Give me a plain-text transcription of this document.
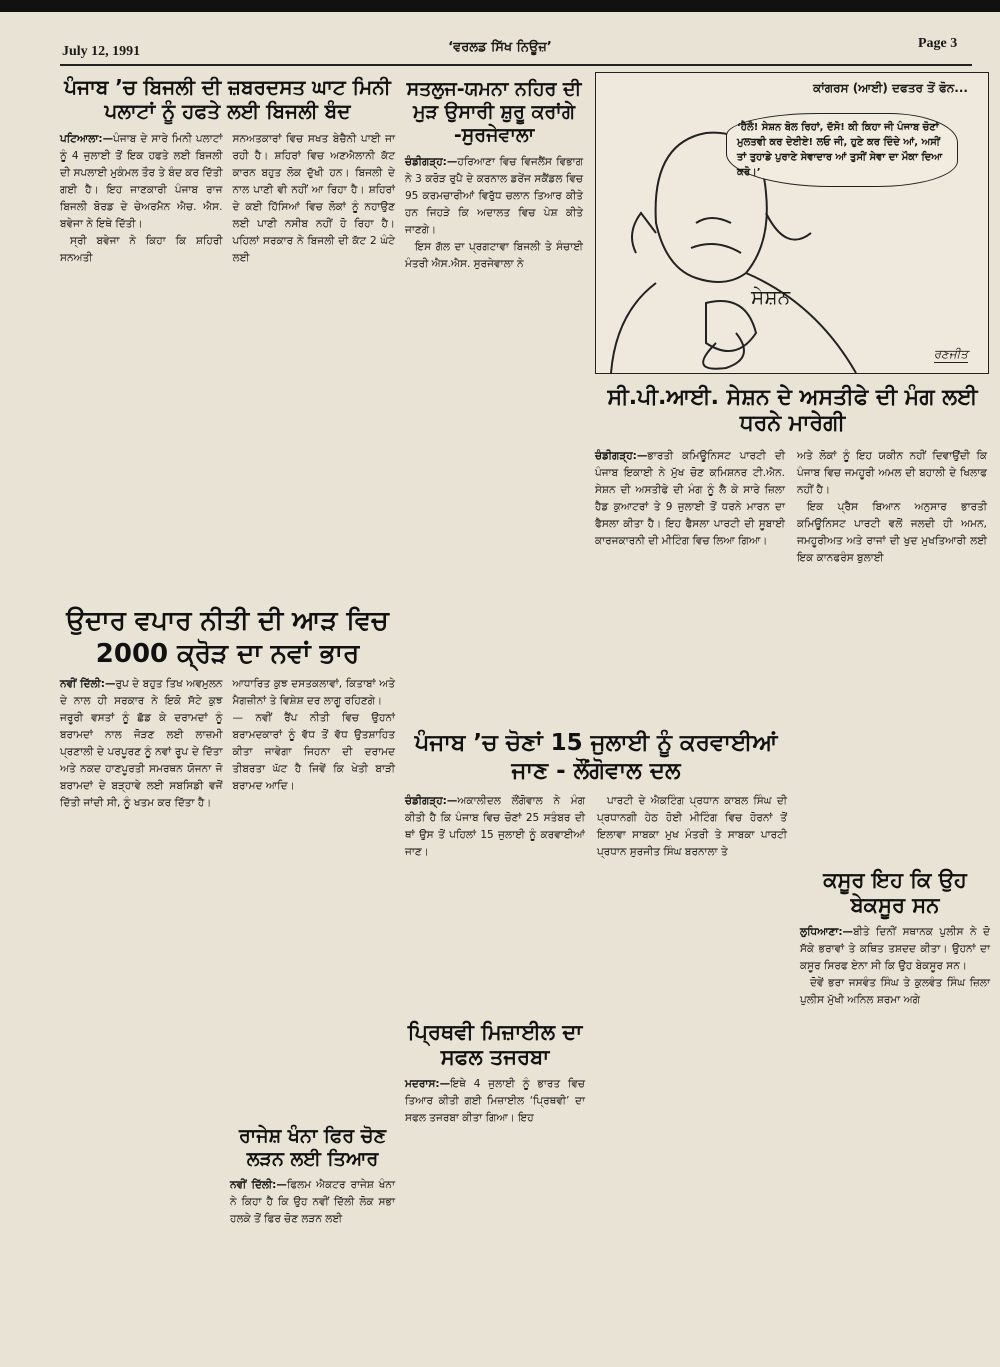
July 12, 1991	‘ਵਰਲਡ ਸਿੱਖ ਨਿਊਜ਼’	Page 3
ਪੰਜਾਬ ’ਚ ਬਿਜਲੀ ਦੀ ਜ਼ਬਰਦਸਤ ਘਾਟ ਮਿਨੀ ਪਲਾਟਾਂ ਨੂੰ ਹਫਤੇ ਲਈ ਬਿਜਲੀ ਬੰਦ

ਪਟਿਆਲਾ:—ਪੰਜਾਬ ਦੇ ਸਾਰੇ ਮਿਨੀ ਪਲਾਟਾਂ ਨੂੰ 4 ਜੁਲਾਈ ਤੋਂ ਇਕ ਹਫਤੇ ਲਈ ਬਿਜਲੀ ਦੀ ਸਪਲਾਈ ਮੁਕੰਮਲ ਤੌਰ ਤੇ ਬੰਦ ਕਰ ਦਿੱਤੀ ਗਈ ਹੈ। ਇਹ ਜਾਣਕਾਰੀ ਪੰਜਾਬ ਰਾਜ ਬਿਜਲੀ ਬੋਰਡ ਦੇ ਚੇਅਰਮੈਨ ਐਚ. ਐਸ. ਬਵੇਜਾ ਨੇ ਇਥੇ ਦਿੱਤੀ।

ਸ੍ਰੀ ਬਵੇਜਾ ਨੇ ਕਿਹਾ ਕਿ ਸ਼ਹਿਰੀ ਸਨਅਤੀ

ਸਨਅਤਕਾਰਾਂ ਵਿਚ ਸਖਤ ਬੇਚੈਨੀ ਪਾਈ ਜਾ ਰਹੀ ਹੈ। ਸ਼ਹਿਰਾਂ ਵਿਚ ਅਣਐਲਾਨੀ ਕੱਟ ਕਾਰਨ ਬਹੁਤ ਲੋਕ ਦੁੱਖੀ ਹਨ। ਬਿਜਲੀ ਦੇ ਨਾਲ ਪਾਣੀ ਵੀ ਨਹੀਂ ਆ ਰਿਹਾ ਹੈ। ਸ਼ਹਿਰਾਂ ਦੇ ਕਈ ਹਿੱਸਿਆਂ ਵਿਚ ਲੋਕਾਂ ਨੂੰ ਨਹਾਉਣ ਲਈ ਪਾਣੀ ਨਸੀਬ ਨਹੀਂ ਹੋ ਰਿਹਾ ਹੈ। ਪਹਿਲਾਂ ਸਰਕਾਰ ਨੇ ਬਿਜਲੀ ਦੀ ਕੱਟ 2 ਘੰਟੇ ਲਈ

ਸਤਲੁਜ-ਯਮਨਾ ਨਹਿਰ ਦੀ ਮੁੜ ਉਸਾਰੀ ਸ਼ੁਰੂ ਕਰਾਂਗੇ -ਸੁਰਜੇਵਾਲਾ

ਚੰਡੀਗੜ੍ਹ:—ਹਰਿਆਣਾ ਵਿਚ ਵਿਜਲੈਂਸ ਵਿਭਾਗ ਨੇ 3 ਕਰੋੜ ਰੁਪੈ ਦੇ ਕਰਨਾਲ ਡਰੇਂਜ ਸਕੈਂਡਲ ਵਿਚ 95 ਕਰਮਚਾਰੀਆਂ ਵਿਰੁੱਧ ਚਲਾਨ ਤਿਆਰ ਕੀਤੇ ਹਨ ਜਿਹੜੇ ਕਿ ਅਦਾਲਤ ਵਿਚ ਪੇਸ਼ ਕੀਤੇ ਜਾਣਗੇ।

ਇਸ ਗੱਲ ਦਾ ਪ੍ਰਗਟਾਵਾ ਬਿਜਲੀ ਤੇ ਸੰਚਾਈ ਮੰਤਰੀ ਐਸ.ਐਸ. ਸੁਰਜੇਵਾਲਾ ਨੇ

ਕਾਂਗਰਸ (ਆਈ) ਦਫਤਰ ਤੋਂ ਫੋਨ...
‘ਹੈਲੋ! ਸੇਸ਼ਨ ਬੋਲ ਰਿਹਾਂ, ਦੱਸੋ! ਕੀ ਕਿਹਾ ਜੀ ਪੰਜਾਬ ਚੋਣਾਂ ਮੁਲਤਵੀ ਕਰ ਦੇਈਏ! ਲਓ ਜੀ, ਹੁਣੇ ਕਰ ਦਿੰਦੇ ਆਂ, ਅਸੀਂ ਤਾਂ ਤੁਹਾਡੇ ਪੁਰਾਣੇ ਸੇਵਾਦਾਰ ਆਂ ਤੁਸੀਂ ਸੇਵਾ ਦਾ ਮੌਕਾ ਦਿਆ ਕਰੋ।’
ਸੇਸ਼ਨ
ਰਣਜੀਤ
ਸੀ.ਪੀ.ਆਈ. ਸੇਸ਼ਨ ਦੇ ਅਸਤੀਫੇ ਦੀ ਮੰਗ ਲਈ ਧਰਨੇ ਮਾਰੇਗੀ

ਚੰਡੀਗੜ੍ਹ:—ਭਾਰਤੀ ਕਮਿਊਨਿਸਟ ਪਾਰਟੀ ਦੀ ਪੰਜਾਬ ਇਕਾਈ ਨੇ ਮੁੱਖ ਚੋਣ ਕਮਿਸ਼ਨਰ ਟੀ.ਐਨ. ਸੇਸ਼ਨ ਦੀ ਅਸਤੀਫੇ ਦੀ ਮੰਗ ਨੂੰ ਲੈ ਕੇ ਸਾਰੇ ਜ਼ਿਲਾ ਹੈਡ ਕੁਆਟਰਾਂ ਤੇ 9 ਜੁਲਾਈ ਤੋਂ ਧਰਨੇ ਮਾਰਨ ਦਾ ਫੈਸਲਾ ਕੀਤਾ ਹੈ। ਇਹ ਫੈਸਲਾ ਪਾਰਟੀ ਦੀ ਸੂਬਾਈ ਕਾਰਜਕਾਰਨੀ ਦੀ ਮੀਟਿੰਗ ਵਿਚ ਲਿਆ ਗਿਆ।

ਅਤੇ ਲੋਕਾਂ ਨੂੰ ਇਹ ਯਕੀਨ ਨਹੀਂ ਦਿਵਾਉਂਦੀ ਕਿ ਪੰਜਾਬ ਵਿਚ ਜਮਹੂਰੀ ਅਮਲ ਦੀ ਬਹਾਲੀ ਦੇ ਖਿਲਾਫ ਨਹੀਂ ਹੈ।

ਇਕ ਪ੍ਰੈਸ ਬਿਆਨ ਅਨੁਸਾਰ ਭਾਰਤੀ ਕਮਿਊਨਿਸਟ ਪਾਰਟੀ ਵਲੋਂ ਜਲਦੀ ਹੀ ਅਮਨ, ਜਮਹੂਰੀਅਤ ਅਤੇ ਰਾਜਾਂ ਦੀ ਖੁਦ ਮੁਖਤਿਆਰੀ ਲਈ ਇਕ ਕਾਨਫਰੰਸ ਬੁਲਾਈ

ਉਦਾਰ ਵਪਾਰ ਨੀਤੀ ਦੀ ਆੜ ਵਿਚ 2000 ਕ੍ਰੋੜ ਦਾ ਨਵਾਂ ਭਾਰ

ਨਵੀਂ ਦਿੱਲੀ:—ਰੁਪ ਦੇ ਬਹੁਤ ਤਿਖ ਅਵਮੁਲਨ ਦੇ ਨਾਲ ਹੀ ਸਰਕਾਰ ਨੇ ਇਕੋ ਸੱਟੇ ਕੁਝ ਜਰੂਰੀ ਵਸਤਾਂ ਨੂੰ ਛੱਡ ਕੇ ਦਰਾਮਦਾਂ ਨੂੰ ਬਰਾਮਦਾਂ ਨਾਲ ਜੋੜਣ ਲਈ ਲਾਜ਼ਮੀ ਪ੍ਰਣਾਲੀ ਦੇ ਪਰਪੂਰਣ ਨੂੰ ਨਵਾਂ ਰੂਪ ਦੇ ਦਿੱਤਾ ਅਤੇ ਨਕਦ ਹਾਣਪੂਰਤੀ ਸਮਰਥਨ ਯੋਜਨਾ ਜੋ ਬਰਾਮਦਾਂ ਦੇ ਬੜ੍ਹਾਵੇ ਲਈ ਸਬਸਿਡੀ ਵਜੋਂ ਦਿੱਤੀ ਜਾਂਦੀ ਸੀ, ਨੂੰ ਖਤਮ ਕਰ ਦਿੱਤਾ ਹੈ।

ਆਧਾਰਿਤ ਕੁਝ ਦਸਤਕਲਾਵਾਂ, ਕਿਤਾਬਾਂ ਅਤੇ ਮੈਗਜ਼ੀਨਾਂ ਤੇ ਵਿਸ਼ੇਸ਼ ਦਰ ਲਾਗੂ ਰਹਿਣਗੇ।

— ਨਵੀਂ ਰੈਂਪ ਨੀਤੀ ਵਿਚ ਉਹਨਾਂ ਬਰਾਮਦਕਾਰਾਂ ਨੂੰ ਵੱਧ ਤੋਂ ਵੱਧ ਉਤਸ਼ਾਹਿਤ ਕੀਤਾ ਜਾਵੇਗਾ ਜਿਹਨਾ ਦੀ ਦਰਾਮਦ ਤੀਬਰਤਾ ਘੱਟ ਹੈ ਜਿਵੇਂ ਕਿ ਖੇਤੀ ਬਾੜੀ ਬਰਾਮਦ ਆਦਿ।

ਰਾਜੇਸ਼ ਖੰਨਾ ਫਿਰ ਚੋਣ ਲੜਨ ਲਈ ਤਿਆਰ

ਨਵੀਂ ਦਿੱਲੀ:—ਫਿਲਮ ਐਕਟਰ ਰਾਜੇਸ਼ ਖੰਨਾ ਨੇ ਕਿਹਾ ਹੈ ਕਿ ਉਹ ਨਵੀਂ ਦਿੱਲੀ ਲੋਕ ਸਭਾ ਹਲਕੇ ਤੋਂ ਫਿਰ ਚੋਣ ਲੜਨ ਲਈ

ਪੰਜਾਬ ’ਚ ਚੋਣਾਂ 15 ਜੁਲਾਈ ਨੂੰ ਕਰਵਾਈਆਂ ਜਾਣ - ਲੌਂਗੋਵਾਲ ਦਲ

ਚੰਡੀਗੜ੍ਹ:—ਅਕਾਲੀਦਲ ਲੌਂਗੋਵਾਲ ਨੇ ਮੰਗ ਕੀਤੀ ਹੈ ਕਿ ਪੰਜਾਬ ਵਿਚ ਚੋਣਾਂ 25 ਸਤੰਬਰ ਦੀ ਥਾਂ ਉਸ ਤੋਂ ਪਹਿਲਾਂ 15 ਜੁਲਾਈ ਨੂੰ ਕਰਵਾਈਆਂ ਜਾਣ।

ਪਾਰਟੀ ਦੇ ਐਕਟਿੰਗ ਪ੍ਰਧਾਨ ਕਾਬਲ ਸਿੰਘ ਦੀ ਪ੍ਰਧਾਨਗੀ ਹੇਠ ਹੋਈ ਮੀਟਿੰਗ ਵਿਚ ਹੋਰਨਾਂ ਤੋਂ ਇਲਾਵਾ ਸਾਬਕਾ ਮੁਖ ਮੰਤਰੀ ਤੇ ਸਾਬਕਾ ਪਾਰਟੀ ਪ੍ਰਧਾਨ ਸੁਰਜੀਤ ਸਿੰਘ ਬਰਨਾਲਾ ਤੇ

ਪ੍ਰਿਥਵੀ ਮਿਜ਼ਾਈਲ ਦਾ ਸਫਲ ਤਜਰਬਾ

ਮਦਰਾਸ:—ਇਥੇ 4 ਜੁਲਾਈ ਨੂੰ ਭਾਰਤ ਵਿਚ ਤਿਆਰ ਕੀਤੀ ਗਈ ਮਿਜ਼ਾਈਲ ‘ਪ੍ਰਿਥਵੀ’ ਦਾ ਸਫਲ ਤਜਰਬਾ ਕੀਤਾ ਗਿਆ। ਇਹ

ਕਸੂਰ ਇਹ ਕਿ ਉਹ ਬੇਕਸੂਰ ਸਨ

ਲੁਧਿਆਣਾ:—ਬੀਤੇ ਦਿਨੀਂ ਸਥਾਨਕ ਪੁਲੀਸ ਨੇ ਦੋ ਸੱਕੇ ਭਰਾਵਾਂ ਤੇ ਕਥਿਤ ਤਸ਼ਦਦ ਕੀਤਾ। ਉਹਨਾਂ ਦਾ ਕਸੂਰ ਸਿਰਫ ਏਨਾ ਸੀ ਕਿ ਉਹ ਬੇਕਸੂਰ ਸਨ।

ਦੋਵੇਂ ਭਰਾ ਜਸਵੰਤ ਸਿੰਘ ਤੇ ਕੁਲਵੰਤ ਸਿੰਘ ਜ਼ਿਲਾ ਪੁਲੀਸ ਮੁੱਖੀ ਅਨਿਲ ਸ਼ਰਮਾ ਅਗੇ
